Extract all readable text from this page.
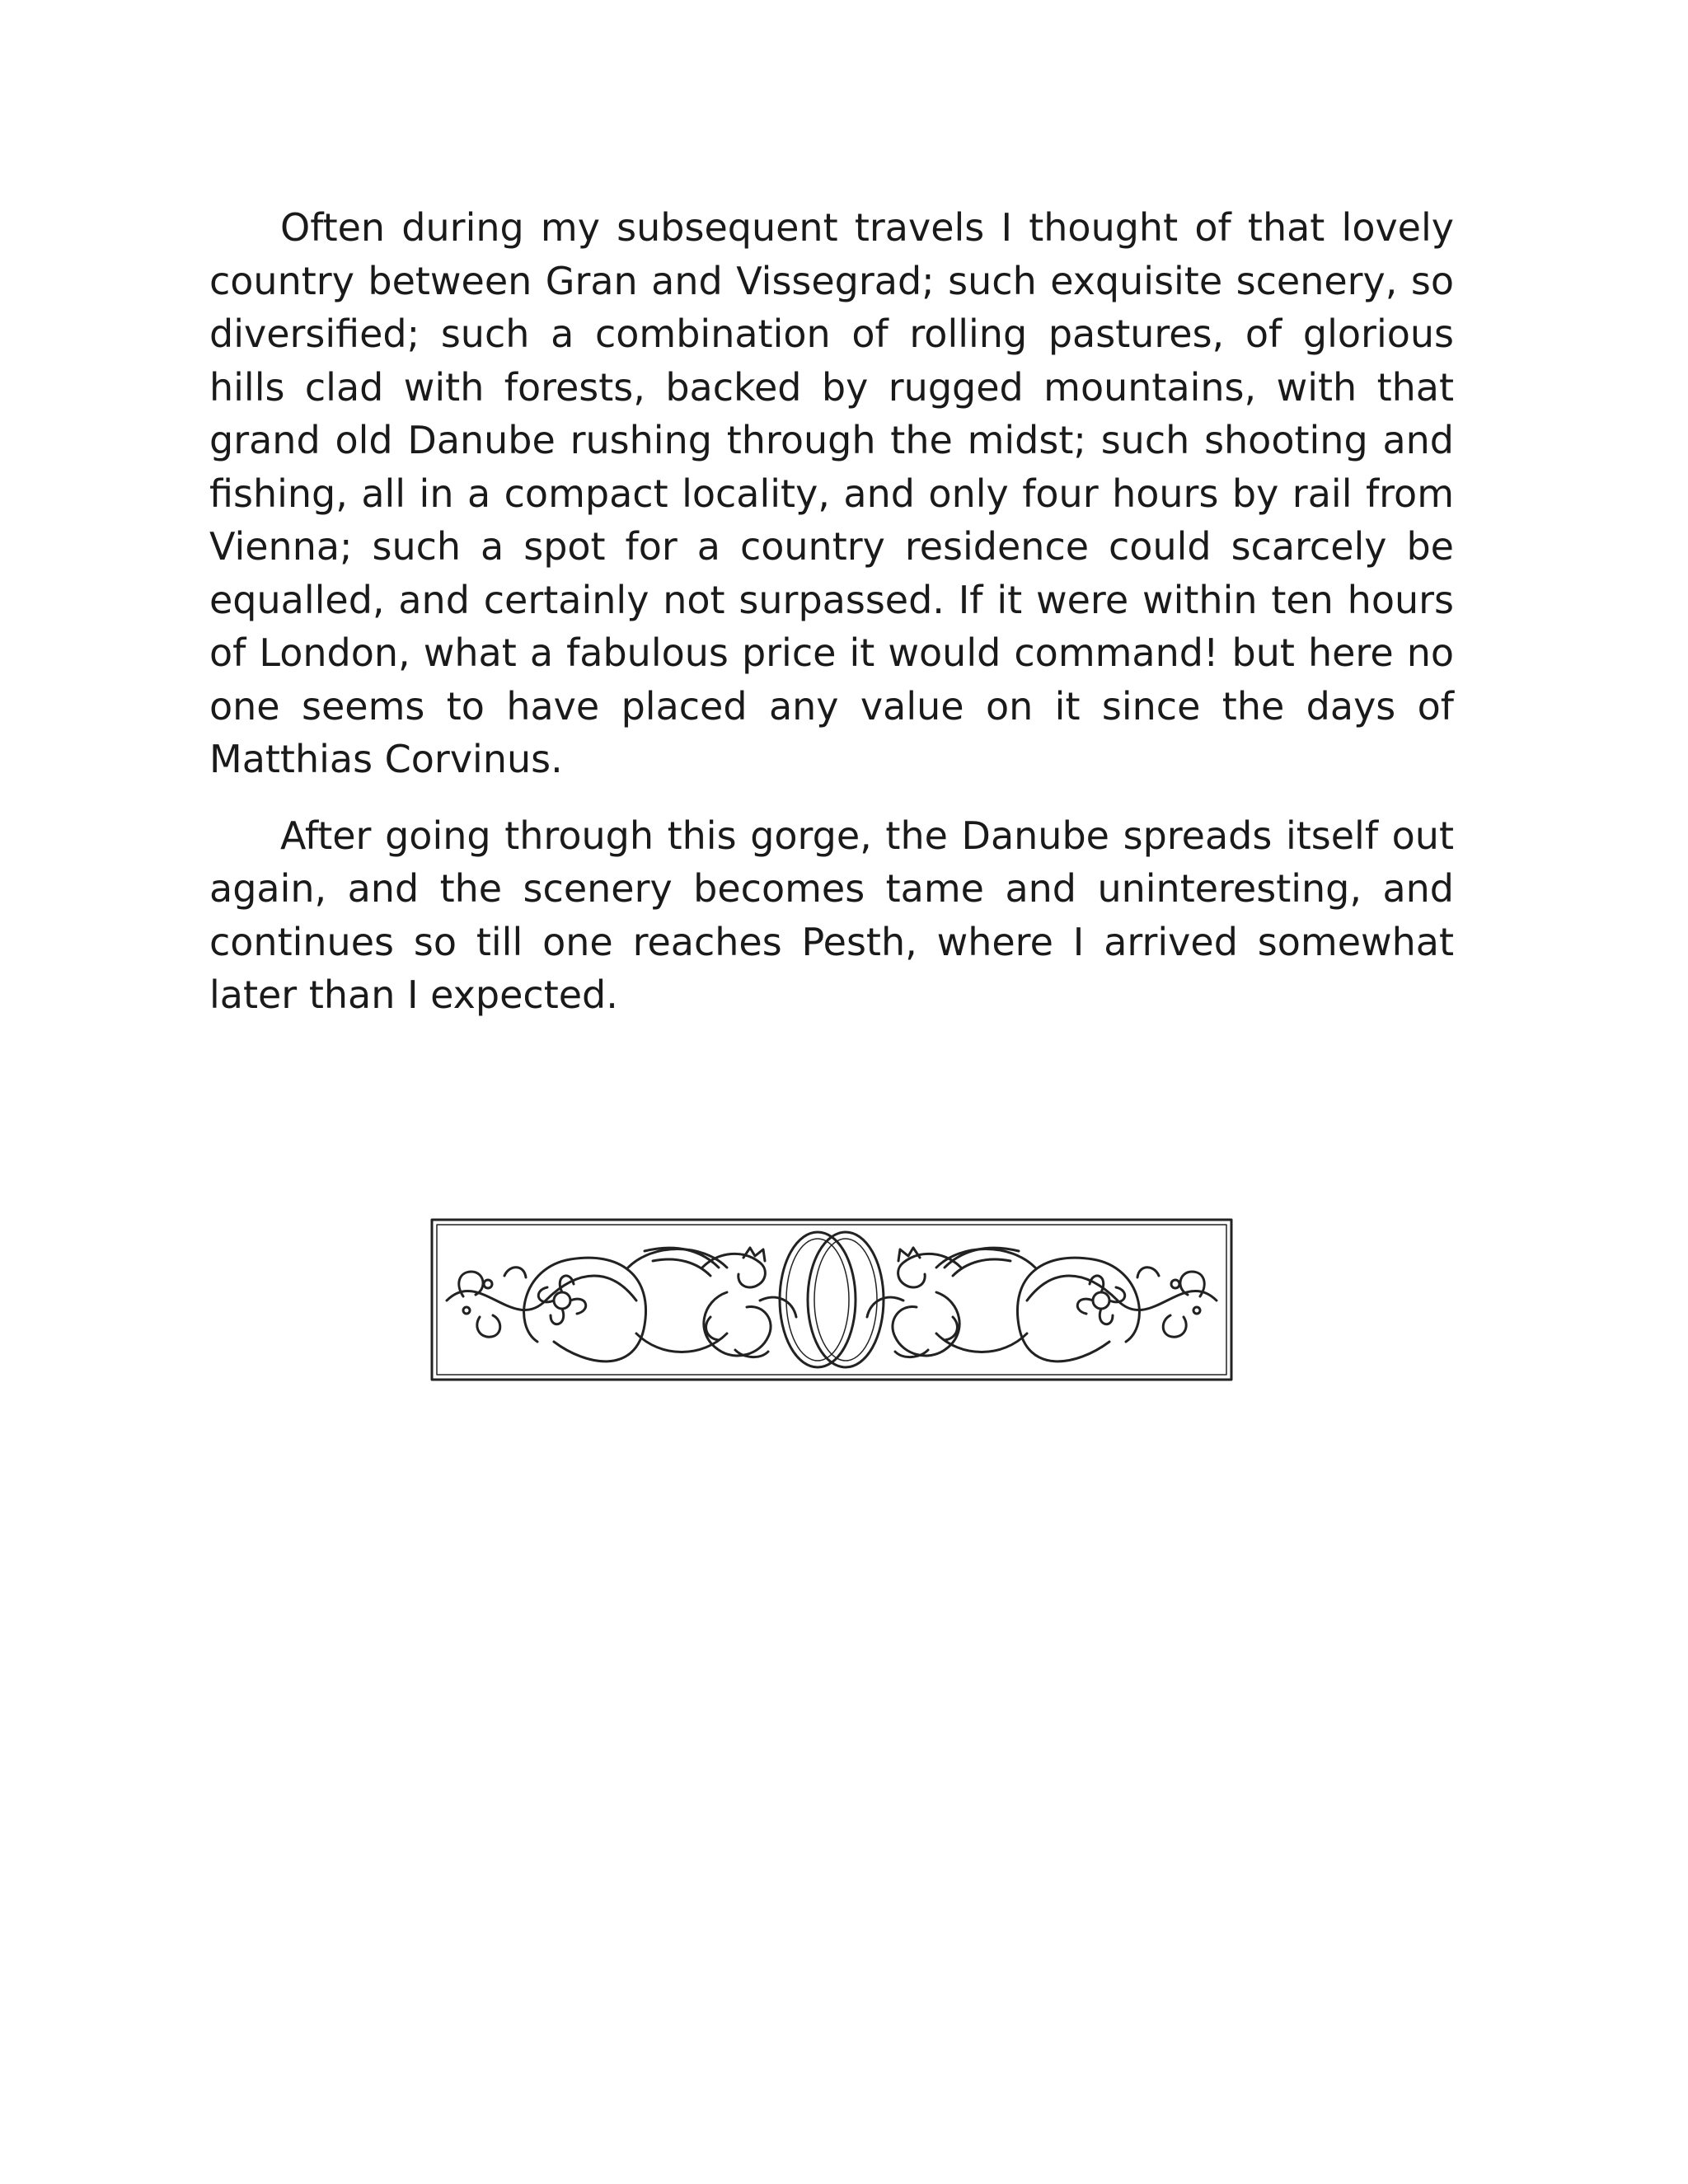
Often during my subsequent travels I thought of that lovely country between Gran and Vissegrad; such exquisite scenery, so diversified; such a combination of rolling pastures, of glorious hills clad with forests, backed by rugged mountains, with that grand old Danube rushing through the midst; such shooting and fishing, all in a compact locality, and only four hours by rail from Vienna; such a spot for a country residence could scarcely be equalled, and certainly not surpassed. If it were within ten hours of London, what a fabulous price it would command! but here no one seems to have placed any value on it since the days of Matthias Corvinus.

After going through this gorge, the Danube spreads itself out again, and the scenery becomes tame and uninteresting, and continues so till one reaches Pesth, where I arrived somewhat later than I expected.
